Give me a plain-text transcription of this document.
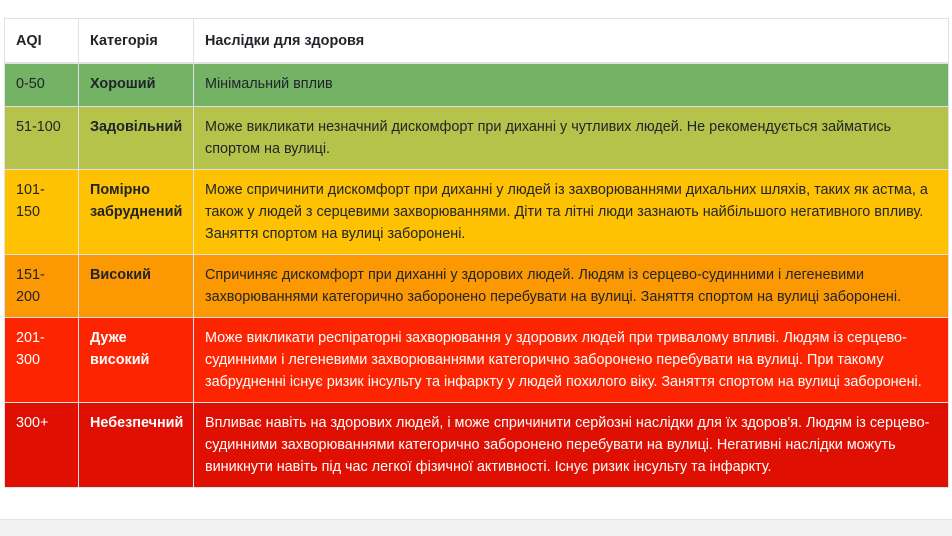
AQI	Категорія	Наслідки для здоровя
0-50	Хороший	Мінімальний вплив
51-100	Задовільний	Може викликати незначний дискомфорт при диханні у чутливих людей. Не рекомендується займатись спортом на вулиці.
101-150	Помірно забруднений	Може спричинити дискомфорт при диханні у людей із захворюваннями дихальних шляхів, таких як астма, а також у людей з серцевими захворюваннями. Діти та літні люди зазнають найбільшого негативного впливу. Заняття спортом на вулиці заборонені.
151-200	Високий	Спричиняє дискомфорт при диханні у здорових людей. Людям із серцево-судинними і легеневими захворюваннями категорично заборонено перебувати на вулиці. Заняття спортом на вулиці заборонені.
201-300	Дуже високий	Може викликати респіраторні захворювання у здорових людей при тривалому впливі. Людям із серцево-судинними і легеневими захворюваннями категорично заборонено перебувати на вулиці. При такому забрудненні існує ризик інсульту та інфаркту у людей похилого віку. Заняття спортом на вулиці заборонені.
300+	Небезпечний	Впливає навіть на здорових людей, і може спричинити серйозні наслідки для їх здоров'я. Людям із серцево-судинними захворюваннями категорично заборонено перебувати на вулиці. Негативні наслідки можуть виникнути навіть під час легкої фізичної активності. Існує ризик інсульту та інфаркту.
